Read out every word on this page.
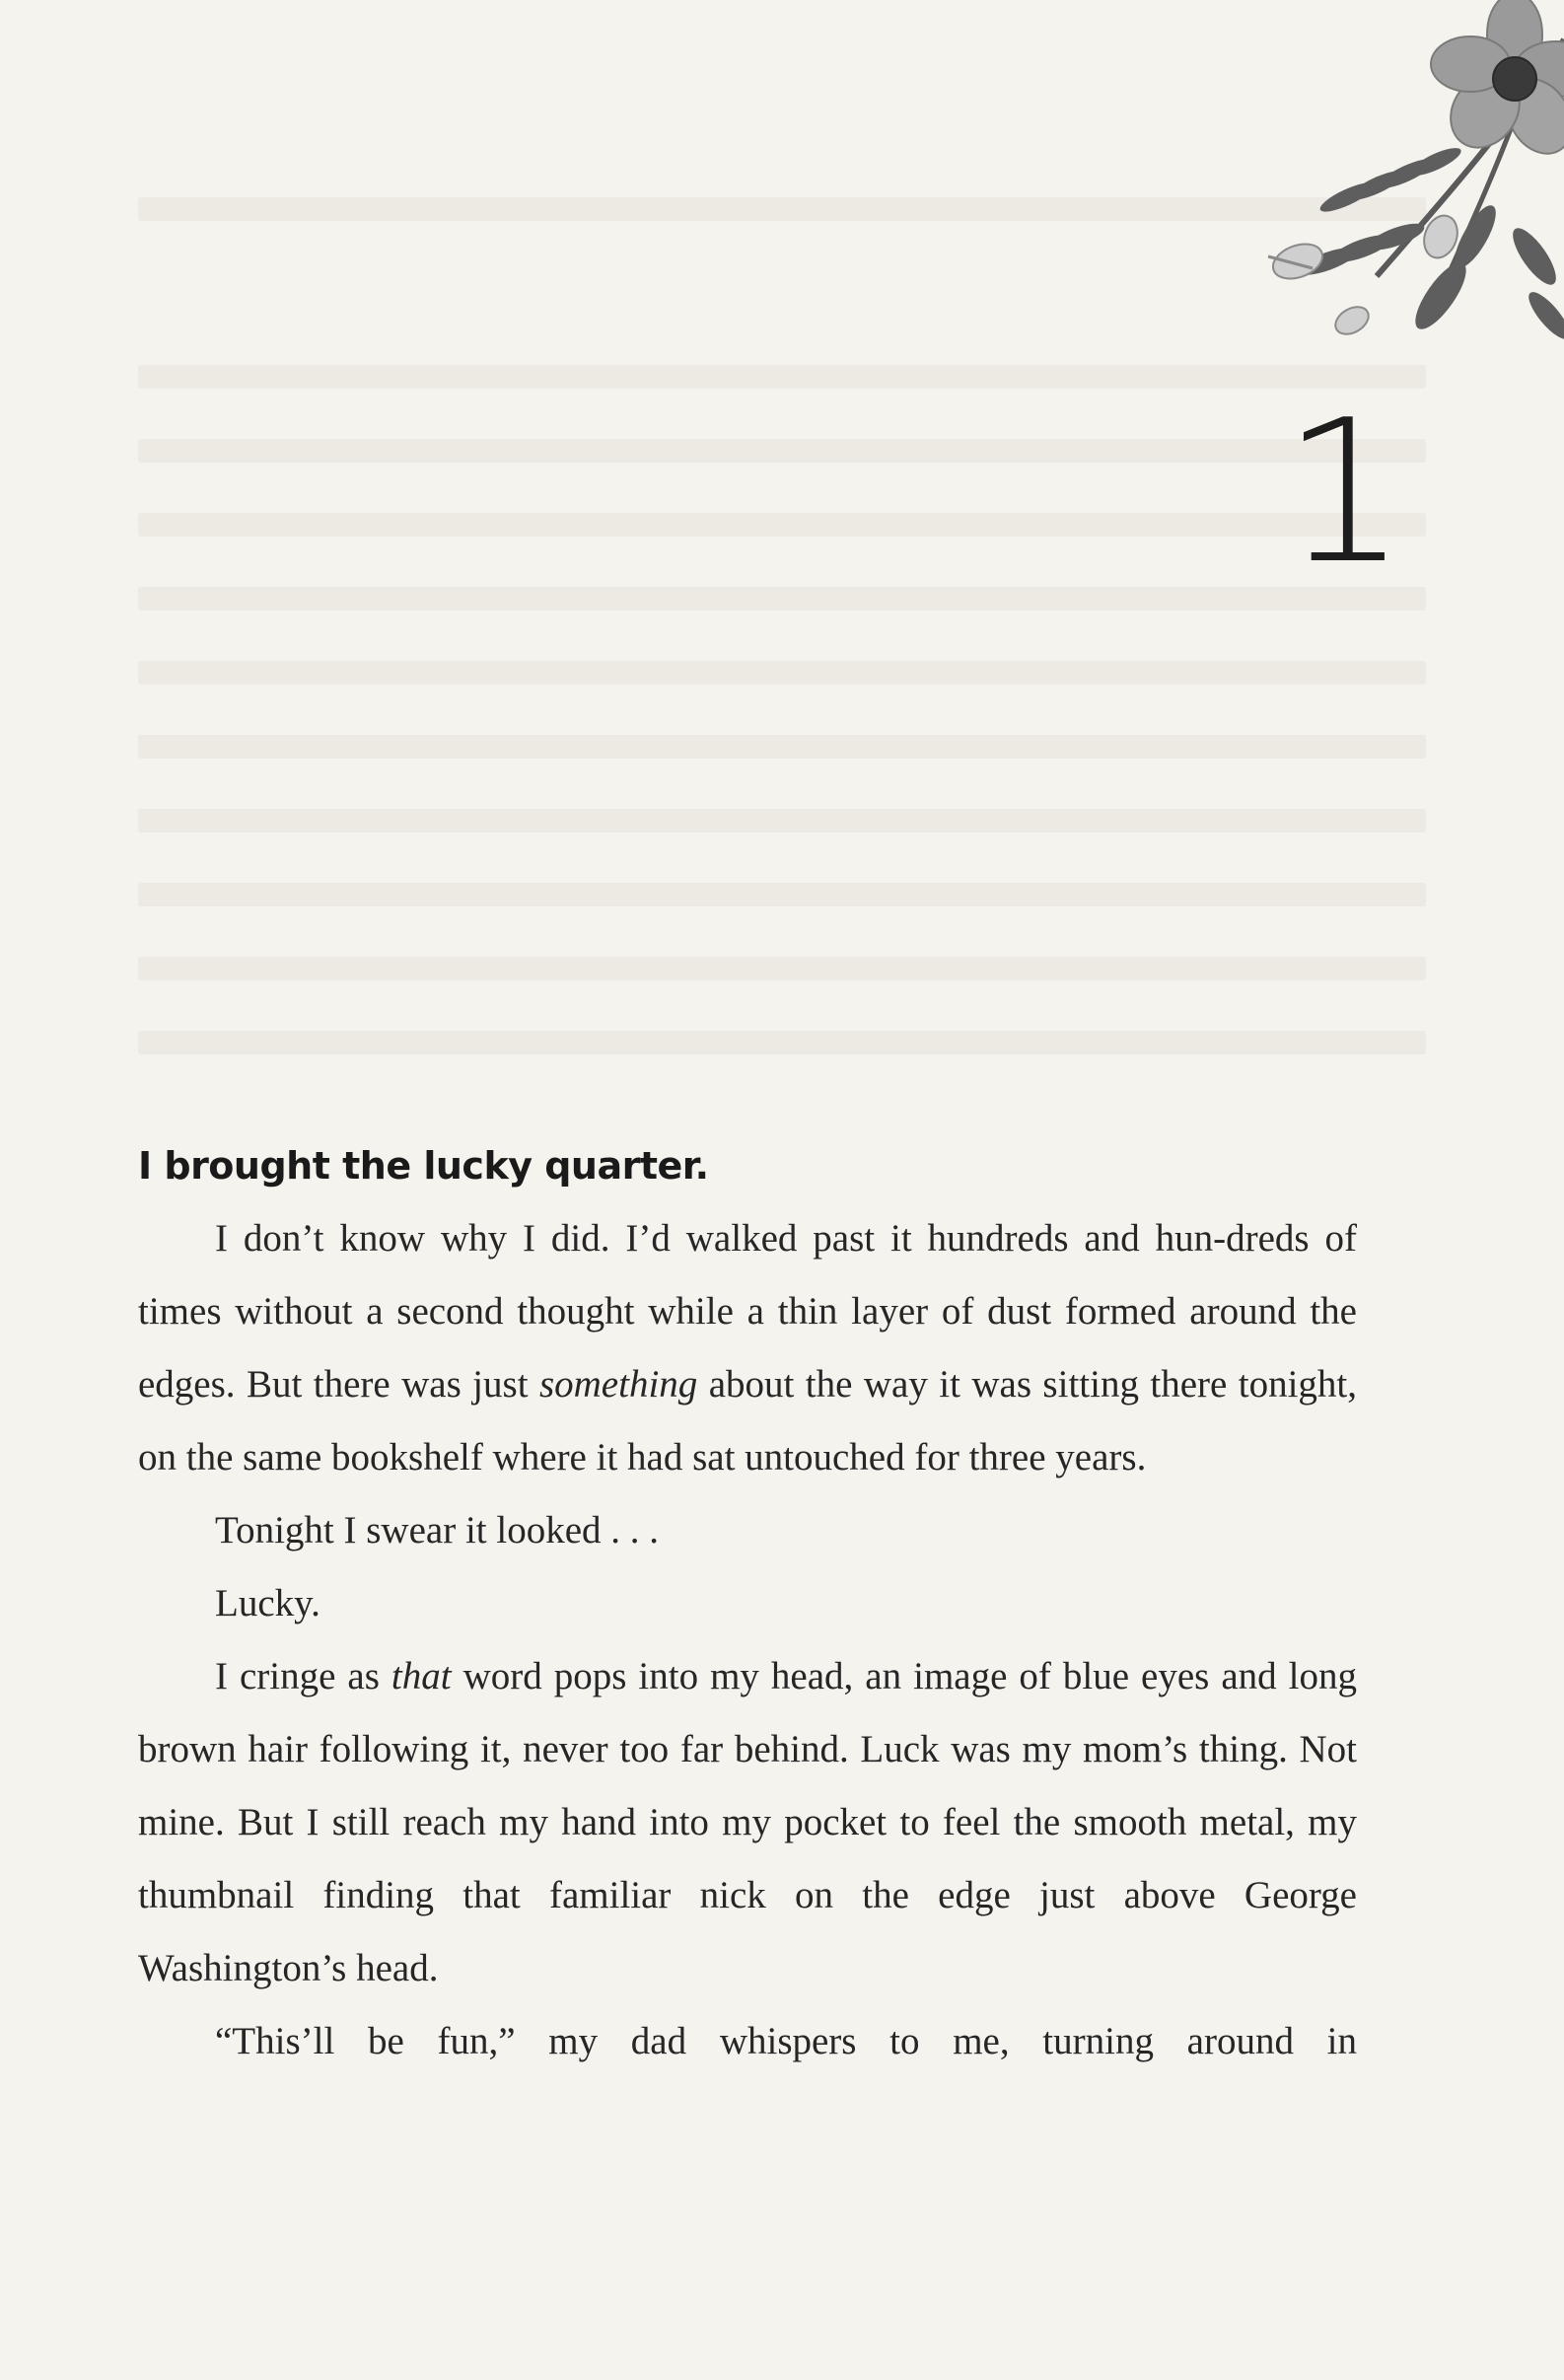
1
I brought the lucky quarter.

I don’t know why I did. I’d walked past it hundreds and hun-dreds of times without a second thought while a thin layer of dust formed around the edges. But there was just something about the way it was sitting there tonight, on the same bookshelf where it had sat untouched for three years.

Tonight I swear it looked . . .

Lucky.

I cringe as that word pops into my head, an image of blue eyes and long brown hair following it, never too far behind. Luck was my mom’s thing. Not mine. But I still reach my hand into my pocket to feel the smooth metal, my thumbnail finding that familiar nick on the edge just above George Washington’s head.

“This’ll be fun,” my dad whispers to me, turning around in
